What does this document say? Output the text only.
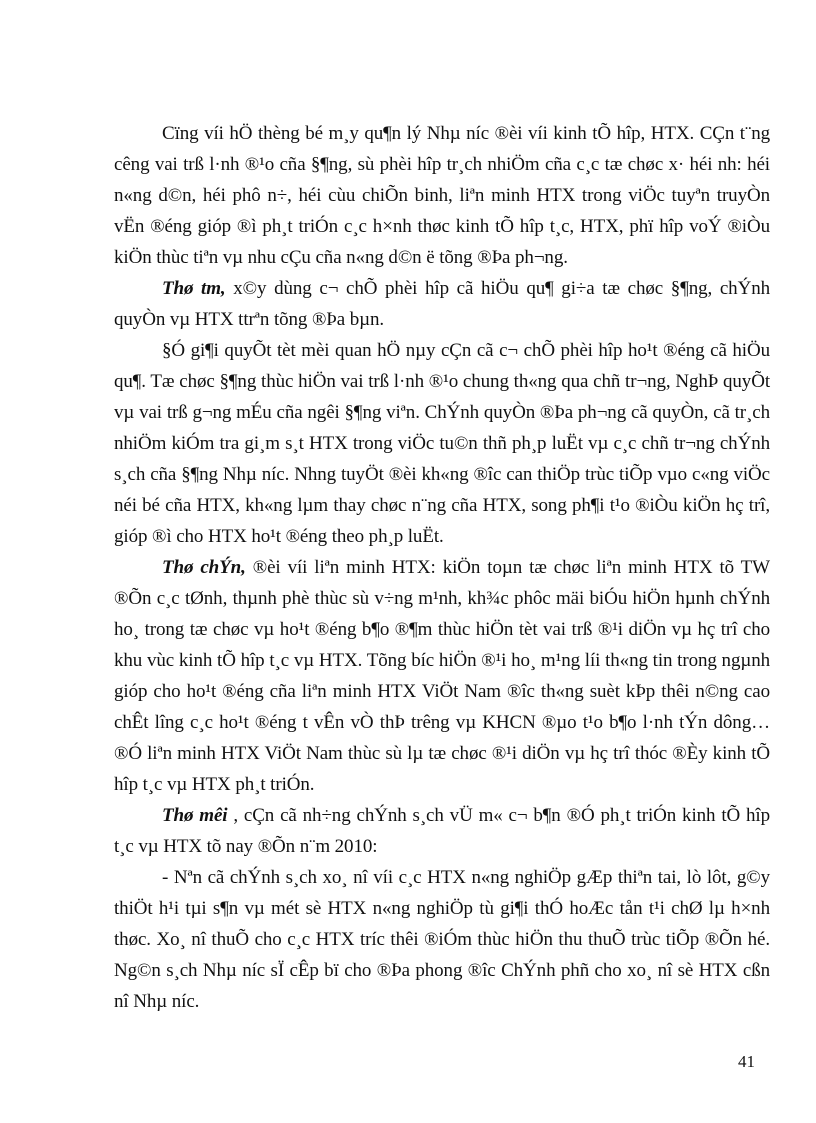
Cïng víi hÖ thèng bé m¸y qu¶n lý Nhµ níc ®èi víi kinh tÕ hîp, HTX. CÇn t¨ng cêng vai trß l·nh ®¹o cña §¶ng, sù phèi hîp tr¸ch nhiÖm cña c¸c tæ chøc x· héi nh: héi n«ng d©n, héi phô n÷, héi cùu chiÕn binh, liªn minh HTX trong viÖc tuyªn truyÒn vËn ®éng gióp ®ì ph¸t triÓn c¸c h×nh thøc kinh tÕ hîp t¸c, HTX, phï hîp voÝ ®iÒu kiÖn thùc tiªn vµ nhu cÇu cña n«ng d©n ë tõng ®Þa ph¬ng.

Thø tm, x©y dùng c¬ chÕ phèi hîp cã hiÖu qu¶ gi÷a tæ chøc §¶ng, chÝnh quyÒn vµ HTX ttrªn tõng ®Þa bµn.

§Ó gi¶i quyÕt tèt mèi quan hÖ nµy cÇn cã c¬ chÕ phèi hîp ho¹t ®éng cã hiÖu qu¶. Tæ chøc §¶ng thùc hiÖn vai trß l·nh ®¹o chung th«ng qua chñ tr¬ng, NghÞ quyÕt vµ vai trß g¬ng mÉu cña ngêi §¶ng viªn. ChÝnh quyÒn ®Þa ph¬ng cã quyÒn, cã tr¸ch nhiÖm kiÓm tra gi¸m s¸t HTX trong viÖc tu©n thñ ph¸p luËt vµ c¸c chñ tr¬ng chÝnh s¸ch cña §¶ng Nhµ níc. Nhng tuyÖt ®èi kh«ng ®îc can thiÖp trùc tiÕp vµo c«ng viÖc néi bé cña HTX, kh«ng lµm thay chøc n¨ng cña HTX, song ph¶i t¹o ®iÒu kiÖn hç trî, gióp ®ì cho HTX ho¹t ®éng theo ph¸p luËt.

Thø chÝn, ®èi víi liªn minh HTX: kiÖn toµn tæ chøc liªn minh HTX tõ TW ®Õn c¸c tØnh, thµnh phè thùc sù v÷ng m¹nh, kh¾c phôc mäi biÓu hiÖn hµnh chÝnh ho¸ trong tæ chøc vµ ho¹t ®éng b¶o ®¶m thùc hiÖn tèt vai trß ®¹i diÖn vµ hç trî cho khu vùc kinh tÕ hîp t¸c vµ HTX. Tõng bíc hiÖn ®¹i ho¸ m¹ng líi th«ng tin trong ngµnh gióp cho ho¹t ®éng cña liªn minh HTX ViÖt Nam ®îc th«ng suèt kÞp thêi n©ng cao chÊt lîng c¸c ho¹t ®éng t vÊn vÒ thÞ trêng vµ KHCN ®µo t¹o b¶o l·nh tÝn dông… ®Ó liªn minh HTX ViÖt Nam thùc sù lµ tæ chøc ®¹i diÖn vµ hç trî thóc ®Èy kinh tÕ hîp t¸c vµ HTX ph¸t triÓn.

Thø mêi , cÇn cã nh÷ng chÝnh s¸ch vÜ m« c¬ b¶n ®Ó ph¸t triÓn kinh tÕ hîp t¸c vµ HTX tõ nay ®Õn n¨m 2010:

- Nªn cã chÝnh s¸ch xo¸ nî víi c¸c HTX n«ng nghiÖp gÆp thiªn tai, lò lôt, g©y thiÖt h¹i tµi s¶n vµ mét sè HTX n«ng nghiÖp tù gi¶i thÓ hoÆc tån t¹i chØ lµ h×nh thøc. Xo¸ nî thuÕ cho c¸c HTX tríc thêi ®iÓm thùc hiÖn thu thuÕ trùc tiÕp ®Õn hé. Ng©n s¸ch Nhµ níc sÏ cÊp bï cho ®Þa phong ®îc ChÝnh phñ cho xo¸ nî sè HTX cßn nî Nhµ níc.

41
